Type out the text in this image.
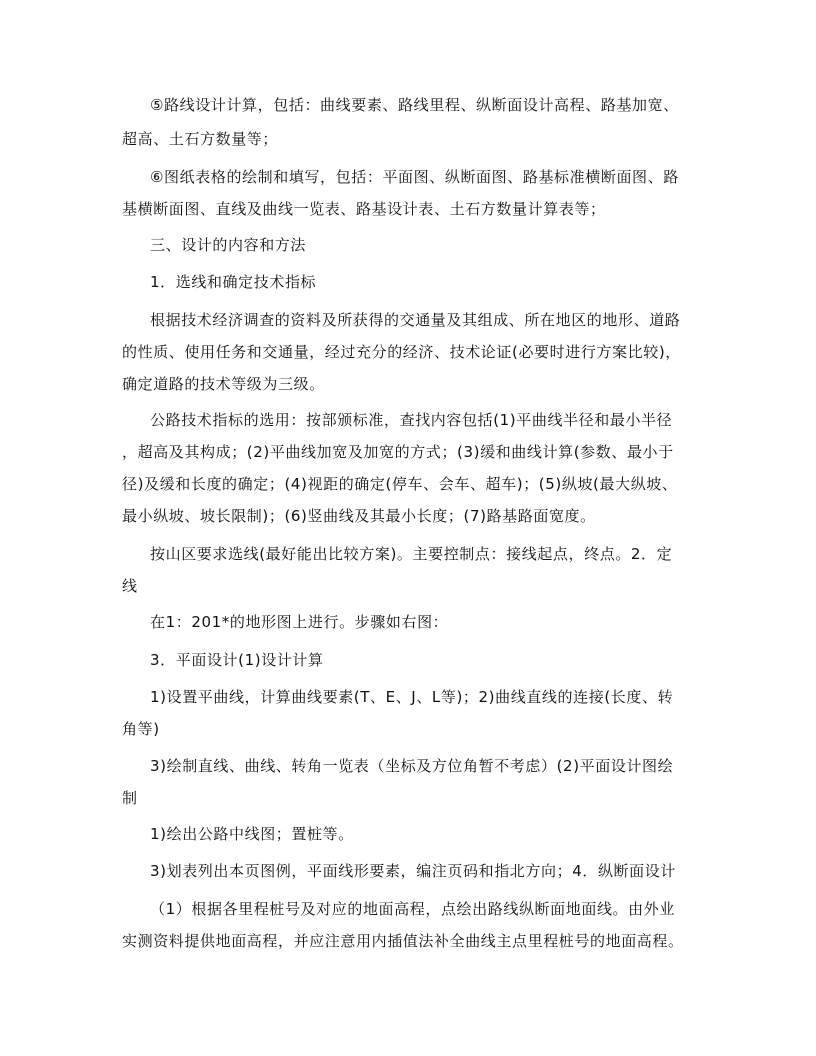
⑤路线设计计算，包括：曲线要素、路线里程、纵断面设计高程、路基加宽、
超高、土石方数量等；
⑥图纸表格的绘制和填写，包括：平面图、纵断面图、路基标准横断面图、路
基横断面图、直线及曲线一览表、路基设计表、土石方数量计算表等；
三、设计的内容和方法
1．选线和确定技术指标
根据技术经济调查的资料及所获得的交通量及其组成、所在地区的地形、道路
的性质、使用任务和交通量，经过充分的经济、技术论证(必要时进行方案比较)，
确定道路的技术等级为三级。
公路技术指标的选用：按部颁标准，查找内容包括(1)平曲线半径和最小半径
，超高及其构成；(2)平曲线加宽及加宽的方式；(3)缓和曲线计算(参数、最小于
径)及缓和长度的确定；(4)视距的确定(停车、会车、超车)；(5)纵坡(最大纵坡、
最小纵坡、坡长限制)；(6)竖曲线及其最小长度；(7)路基路面宽度。
按山区要求选线(最好能出比较方案)。主要控制点：接线起点，终点。2．定
线
在1：201*的地形图上进行。步骤如右图：
3．平面设计(1)设计计算
1)设置平曲线，计算曲线要素(T、E、J、L等)；2)曲线直线的连接(长度、转
角等)
3)绘制直线、曲线、转角一览表（坐标及方位角暂不考虑）(2)平面设计图绘
制
1)绘出公路中线图；置桩等。
3)划表列出本页图例，平面线形要素，编注页码和指北方向；4．纵断面设计
（1）根据各里程桩号及对应的地面高程，点绘出路线纵断面地面线。由外业
实测资料提供地面高程，并应注意用内插值法补全曲线主点里程桩号的地面高程。
